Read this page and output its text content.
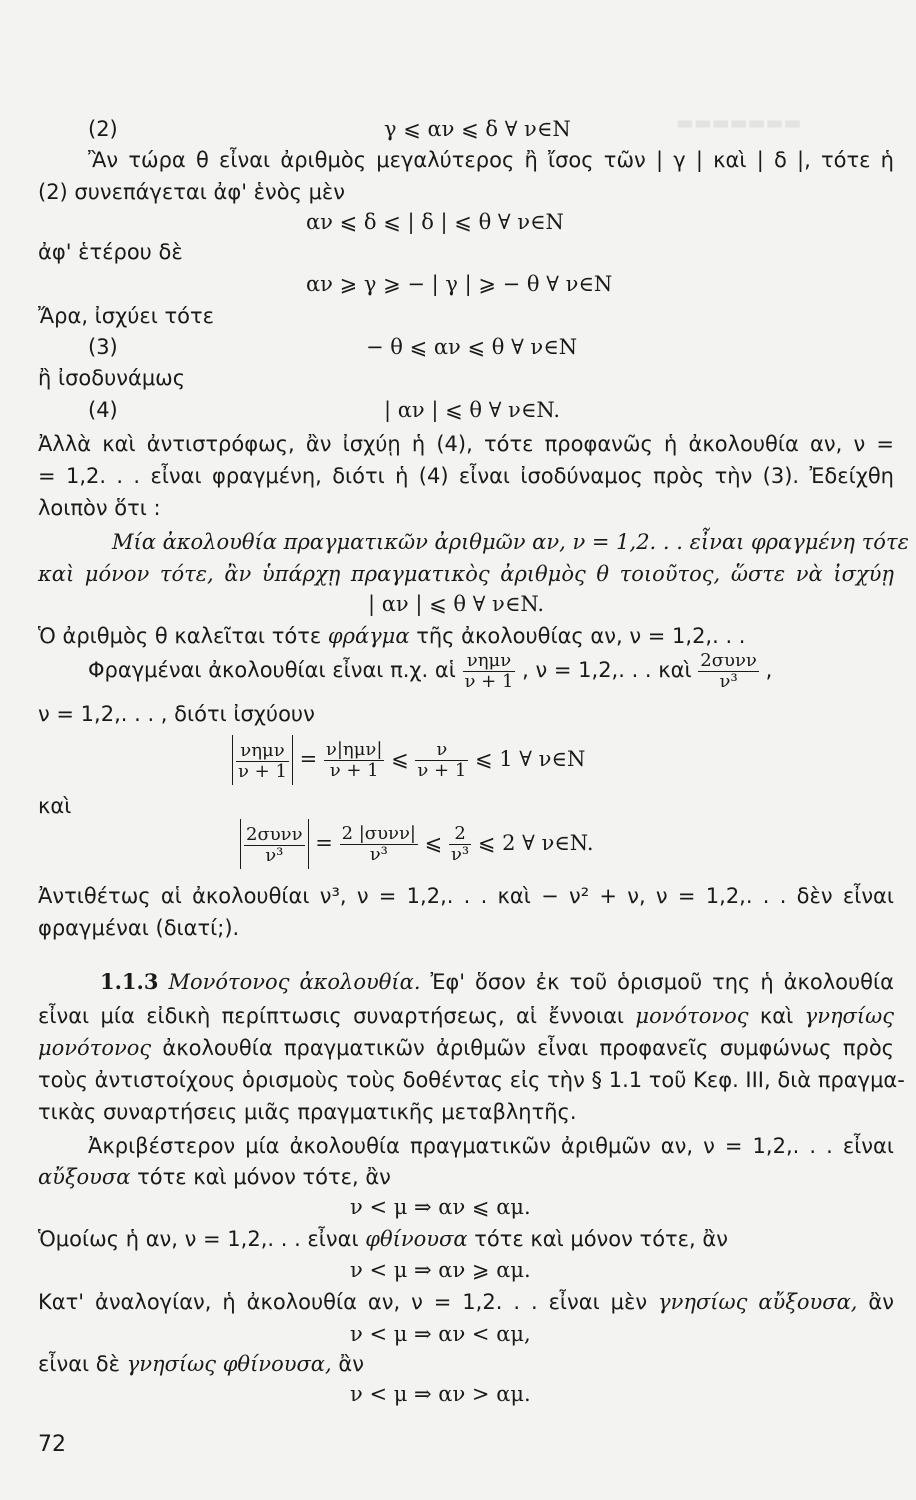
▬▬▬▬▬▬▬
(2)	γ ⩽ αν ⩽ δ ∀ ν∈N
Ἂν τώρα θ εἶναι ἀριθμὸς μεγαλύτερος ἢ ἴσος τῶν | γ | καὶ | δ |, τότε ἡ
(2) συνεπάγεται ἀφ' ἑνὸς μὲν
αν ⩽ δ ⩽ | δ | ⩽ θ ∀ ν∈N
ἀφ' ἑτέρου δὲ
αν ⩾ γ ⩾ − | γ | ⩾ − θ ∀ ν∈N
Ἄρα, ἰσχύει τότε
(3)	− θ ⩽ αν ⩽ θ ∀ ν∈N
ἢ ἰσοδυνάμως
(4)	| αν | ⩽ θ ∀ ν∈N.
Ἀλλὰ καὶ ἀντιστρόφως, ἂν ἰσχύῃ ἡ (4), τότε προφανῶς ἡ ἀκολουθία αν, ν =
= 1,2. . . εἶναι φραγμένη, διότι ἡ (4) εἶναι ἰσοδύναμος πρὸς τὴν (3). Ἐδείχθη
λοιπὸν ὅτι :
Μία ἀκολουθία πραγματικῶν ἀριθμῶν αν, ν = 1,2. . . εἶναι φραγμένη τότε
καὶ μόνον τότε, ἂν ὑπάρχῃ πραγματικὸς ἀριθμὸς θ τοιοῦτος, ὥστε νὰ ἰσχύῃ
| αν | ⩽ θ ∀ ν∈N.
Ὁ ἀριθμὸς θ καλεῖται τότε φράγμα τῆς ἀκολουθίας αν, ν = 1,2,. . .
Φραγμέναι ἀκολουθίαι εἶναι π.χ. αἱ $\frac{\text{νημν}}{\nu + 1}$ , ν = 1,2,. . . καὶ $\frac{\text{2συνν}}{\text{ν³}}$ ,
ν = 1,2,. . . , διότι ἰσχύουν
$\frac{\text{νημν}}{\nu + 1} = \frac{\text{ν|ημν|}}{\nu + 1}$ ⩽ $\frac{\nu}{\nu + 1}$ ⩽ 1 ∀ ν∈N
καὶ
$\frac{\text{2συνν}}{\text{ν³}} = \frac{\text{2 |συνν|}}{\text{ν³}}$ ⩽ $\frac{2}{\text{ν³}}$ ⩽ 2 ∀ ν∈N.
Ἀντιθέτως αἱ ἀκολουθίαι ν³, ν = 1,2,. . . καὶ − ν² + ν, ν = 1,2,. . . δὲν εἶναι
φραγμέναι (διατί;).
1.1.3 Μονότονος ἀκολουθία. Ἐφ' ὅσον ἐκ τοῦ ὁρισμοῦ της ἡ ἀκολουθία
εἶναι μία εἰδικὴ περίπτωσις συναρτήσεως, αἱ ἔννοιαι μονότονος καὶ γνησίως
μονότονος ἀκολουθία πραγματικῶν ἀριθμῶν εἶναι προφανεῖς συμφώνως πρὸς
τοὺς ἀντιστοίχους ὁρισμοὺς τοὺς δοθέντας εἰς τὴν § 1.1 τοῦ Κεφ. ΙΙΙ, διὰ πραγμα-
τικὰς συναρτήσεις μιᾶς πραγματικῆς μεταβλητῆς.
Ἀκριβέστερον μία ἀκολουθία πραγματικῶν ἀριθμῶν αν, ν = 1,2,. . . εἶναι
αὔξουσα τότε καὶ μόνον τότε, ἂν
ν < μ ⇒ αν ⩽ αμ.
Ὁμοίως ἡ αν, ν = 1,2,. . . εἶναι φθίνουσα τότε καὶ μόνον τότε, ἂν
ν < μ ⇒ αν ⩾ αμ.
Κατ' ἀναλογίαν, ἡ ἀκολουθία αν, ν = 1,2. . . εἶναι μὲν γνησίως αὔξουσα, ἂν
ν < μ ⇒ αν < αμ,
εἶναι δὲ γνησίως φθίνουσα, ἂν
ν < μ ⇒ αν > αμ.
72
